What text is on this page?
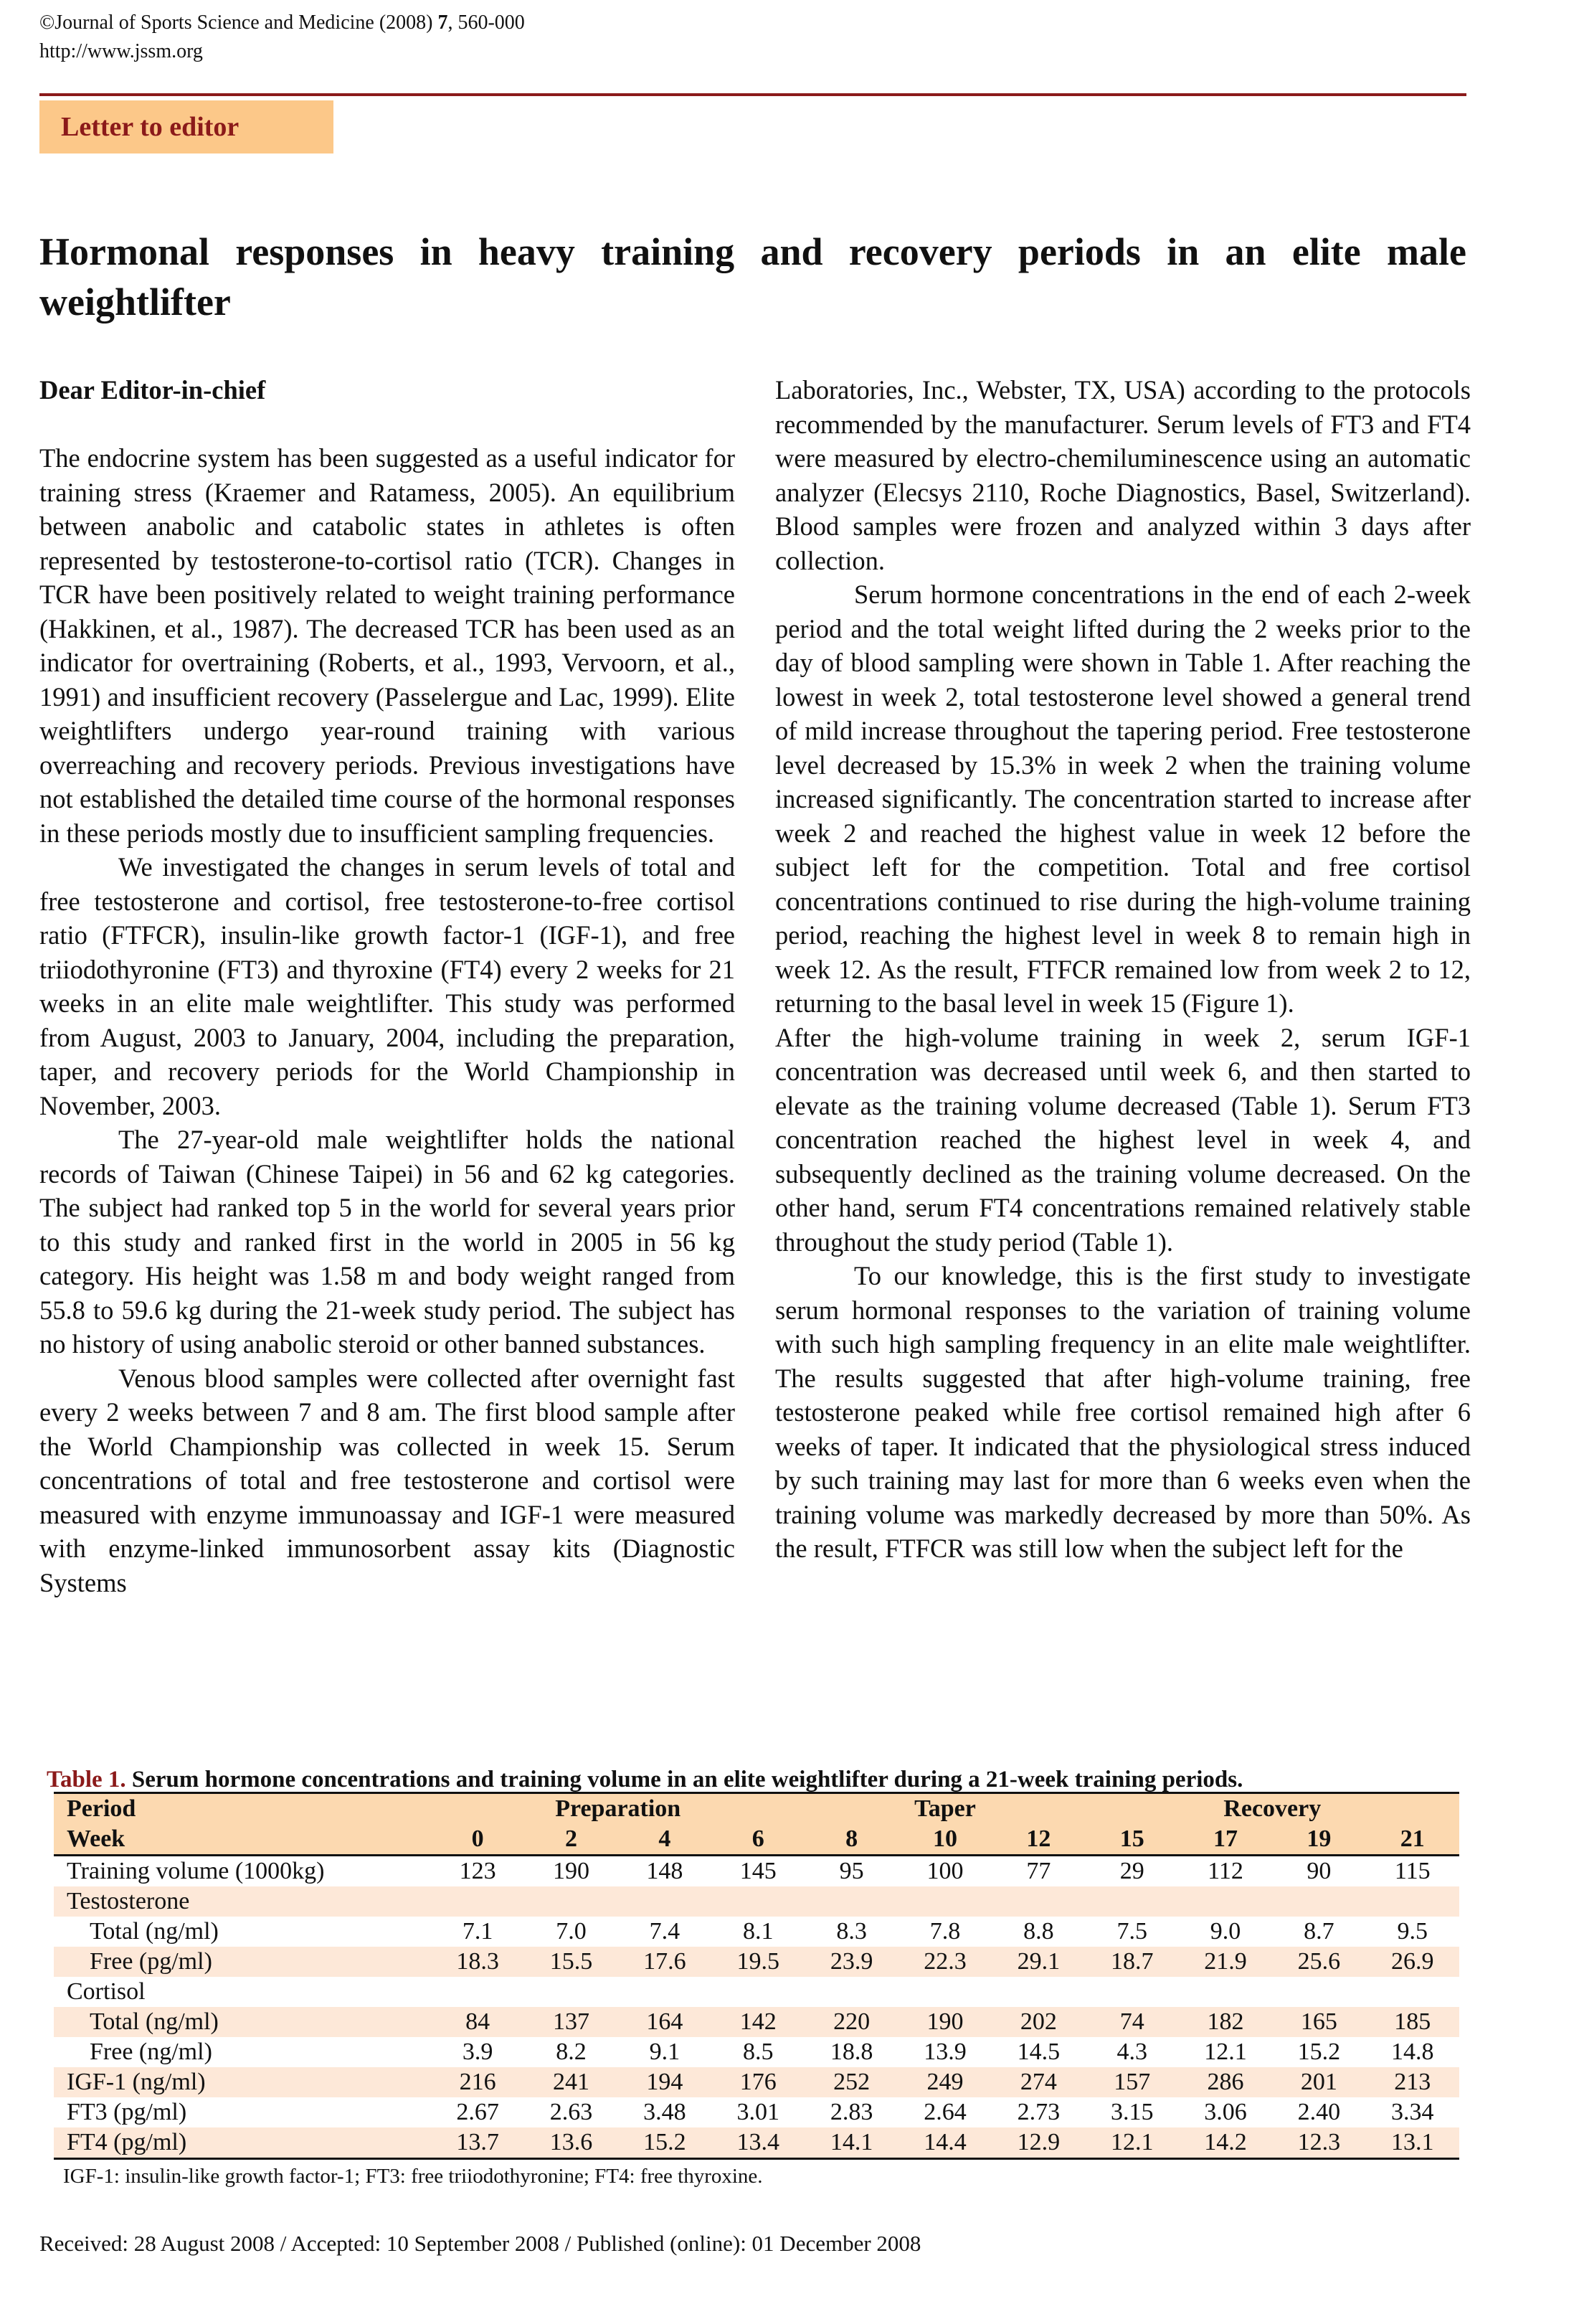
©Journal of Sports Science and Medicine (2008) 7, 560-000
http://www.jssm.org
Letter to editor
Hormonal responses in heavy training and recovery periods in an elite male weightlifter

Dear Editor-in-chief

The endocrine system has been suggested as a useful indicator for training stress (Kraemer and Ratamess, 2005). An equilibrium between anabolic and catabolic states in athletes is often represented by testosterone-to-cortisol ratio (TCR). Changes in TCR have been positively related to weight training performance (Hakkinen, et al., 1987). The decreased TCR has been used as an indicator for overtraining (Roberts, et al., 1993, Vervoorn, et al., 1991) and insufficient recovery (Passelergue and Lac, 1999). Elite weightlifters undergo year-round training with various overreaching and recovery periods. Previous investigations have not established the detailed time course of the hormonal responses in these periods mostly due to insufficient sampling frequencies.

We investigated the changes in serum levels of total and free testosterone and cortisol, free testosterone-to-free cortisol ratio (FTFCR), insulin-like growth factor-1 (IGF-1), and free triiodothyronine (FT3) and thyroxine (FT4) every 2 weeks for 21 weeks in an elite male weightlifter. This study was performed from August, 2003 to January, 2004, including the preparation, taper, and recovery periods for the World Championship in November, 2003.

The 27-year-old male weightlifter holds the national records of Taiwan (Chinese Taipei) in 56 and 62 kg categories. The subject had ranked top 5 in the world for several years prior to this study and ranked first in the world in 2005 in 56 kg category. His height was 1.58 m and body weight ranged from 55.8 to 59.6 kg during the 21-week study period. The subject has no history of using anabolic steroid or other banned substances.

Venous blood samples were collected after overnight fast every 2 weeks between 7 and 8 am. The first blood sample after the World Championship was collected in week 15. Serum concentrations of total and free testosterone and cortisol were measured with enzyme immunoassay and IGF-1 were measured with enzyme-linked immunosorbent assay kits (Diagnostic Systems

Laboratories, Inc., Webster, TX, USA) according to the protocols recommended by the manufacturer. Serum levels of FT3 and FT4 were measured by electro-chemiluminescence using an automatic analyzer (Elecsys 2110, Roche Diagnostics, Basel, Switzerland). Blood samples were frozen and analyzed within 3 days after collection.

Serum hormone concentrations in the end of each 2-week period and the total weight lifted during the 2 weeks prior to the day of blood sampling were shown in Table 1. After reaching the lowest in week 2, total testosterone level showed a general trend of mild increase throughout the tapering period. Free testosterone level decreased by 15.3% in week 2 when the training volume increased significantly. The concentration started to increase after week 2 and reached the highest value in week 12 before the subject left for the competition. Total and free cortisol concentrations continued to rise during the high-volume training period, reaching the highest level in week 8 to remain high in week 12. As the result, FTFCR remained low from week 2 to 12, returning to the basal level in week 15 (Figure 1).

After the high-volume training in week 2, serum IGF-1 concentration was decreased until week 6, and then started to elevate as the training volume decreased (Table 1). Serum FT3 concentration reached the highest level in week 4, and subsequently declined as the training volume decreased. On the other hand, serum FT4 concentrations remained relatively stable throughout the study period (Table 1).

To our knowledge, this is the first study to investigate serum hormonal responses to the variation of training volume with such high sampling frequency in an elite male weightlifter. The results suggested that after high-volume training, free testosterone peaked while free cortisol remained high after 6 weeks of taper. It indicated that the physiological stress induced by such training may last for more than 6 weeks even when the training volume was markedly decreased by more than 50%. As the result, FTFCR was still low when the subject left for the

Table 1. Serum hormone concentrations and training volume in an elite weightlifter during a 21-week training periods.
Period	Preparation				Taper			Recovery			
Week	0	2	4	6	8	10	12	15	17	19	21
Training volume (1000kg)	123	190	148	145	95	100	77	29	112	90	115
Testosterone											
Total (ng/ml)	7.1	7.0	7.4	8.1	8.3	7.8	8.8	7.5	9.0	8.7	9.5
Free (pg/ml)	18.3	15.5	17.6	19.5	23.9	22.3	29.1	18.7	21.9	25.6	26.9
Cortisol											
Total (ng/ml)	84	137	164	142	220	190	202	74	182	165	185
Free (ng/ml)	3.9	8.2	9.1	8.5	18.8	13.9	14.5	4.3	12.1	15.2	14.8
IGF-1 (ng/ml)	216	241	194	176	252	249	274	157	286	201	213
FT3 (pg/ml)	2.67	2.63	3.48	3.01	2.83	2.64	2.73	3.15	3.06	2.40	3.34
FT4 (pg/ml)	13.7	13.6	15.2	13.4	14.1	14.4	12.9	12.1	14.2	12.3	13.1
IGF-1: insulin-like growth factor-1; FT3: free triiodothyronine; FT4: free thyroxine.
Received: 28 August 2008 / Accepted: 10 September 2008 / Published (online): 01 December 2008
